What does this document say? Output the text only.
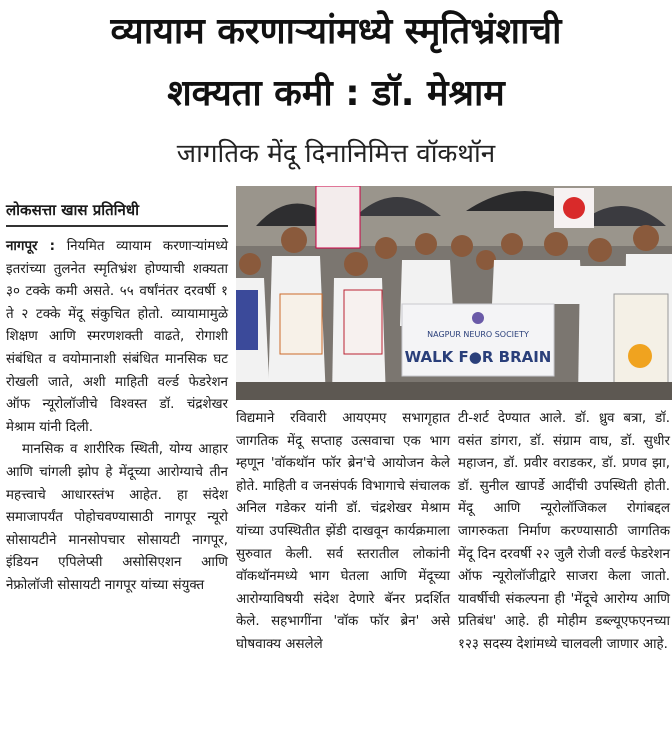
व्यायाम करणाऱ्यांमध्ये स्मृतिभ्रंशाची
शक्यता कमी : डॉ. मेश्राम
जागतिक मेंदू दिनानिमित्त वॉकथॉन
लोकसत्ता खास प्रतिनिधी
NAGPUR NEURO SOCIETY
WALK F●R BRAIN

नागपूर : नियमित व्यायाम करणाऱ्यांमध्ये इतरांच्या तुलनेत स्मृतिभ्रंश होण्याची शक्यता ३० टक्के कमी असते. ५५ वर्षांनंतर दरवर्षी १ ते २ टक्के मेंदू संकुचित होतो. व्यायामामुळे शिक्षण आणि स्मरणशक्ती वाढते, रोगाशी संबंधित व वयोमानाशी संबंधित मानसिक घट रोखली जाते, अशी माहिती वर्ल्ड फेडरेशन ऑफ न्यूरोलॉजीचे विश्वस्त डॉ. चंद्रशेखर मेश्राम यांनी दिली.

मानसिक व शारीरिक स्थिती, योग्य आहार आणि चांगली झोप हे मेंदूच्या आरोग्याचे तीन महत्त्वाचे आधारस्तंभ आहेत. हा संदेश समाजापर्यंत पोहोचवण्यासाठी नागपूर न्यूरो सोसायटीने मानसोपचार सोसायटी नागपूर, इंडियन एपिलेप्सी असोसिएशन आणि नेफ्रोलॉजी सोसायटी नागपूर यांच्या संयुक्त

विद्यमाने रविवारी आयएमए सभागृहात जागतिक मेंदू सप्ताह उत्सवाचा एक भाग म्हणून 'वॉकथॉन फॉर ब्रेन'चे आयोजन केले होते. माहिती व जनसंपर्क विभागाचे संचालक अनिल गडेकर यांनी डॉ. चंद्रशेखर मेश्राम यांच्या उपस्थितीत झेंडी दाखवून कार्यक्रमाला सुरुवात केली. सर्व स्तरातील लोकांनी वॉकथॉनमध्ये भाग घेतला आणि मेंदूच्या आरोग्याविषयी संदेश देणारे बॅनर प्रदर्शित केले. सहभागींना 'वॉक फॉर ब्रेन' असे घोषवाक्य असलेले

टी-शर्ट देण्यात आले. डॉ. ध्रुव बत्रा, डॉ. वसंत डांगरा, डॉ. संग्राम वाघ, डॉ. सुधीर महाजन, डॉ. प्रवीर वराडकर, डॉ. प्रणव झा, डॉ. सुनील खापर्डे आदींची उपस्थिती होती. मेंदू आणि न्यूरोलॉजिकल रोगांबद्दल जागरुकता निर्माण करण्यासाठी जागतिक मेंदू दिन दरवर्षी २२ जुलै रोजी वर्ल्ड फेडरेशन ऑफ न्यूरोलॉजीद्वारे साजरा केला जातो. यावर्षीची संकल्पना ही 'मेंदूचे आरोग्य आणि प्रतिबंध' आहे. ही मोहीम डब्ल्यूएफएनच्या १२३ सदस्य देशांमध्ये चालवली जाणार आहे.
